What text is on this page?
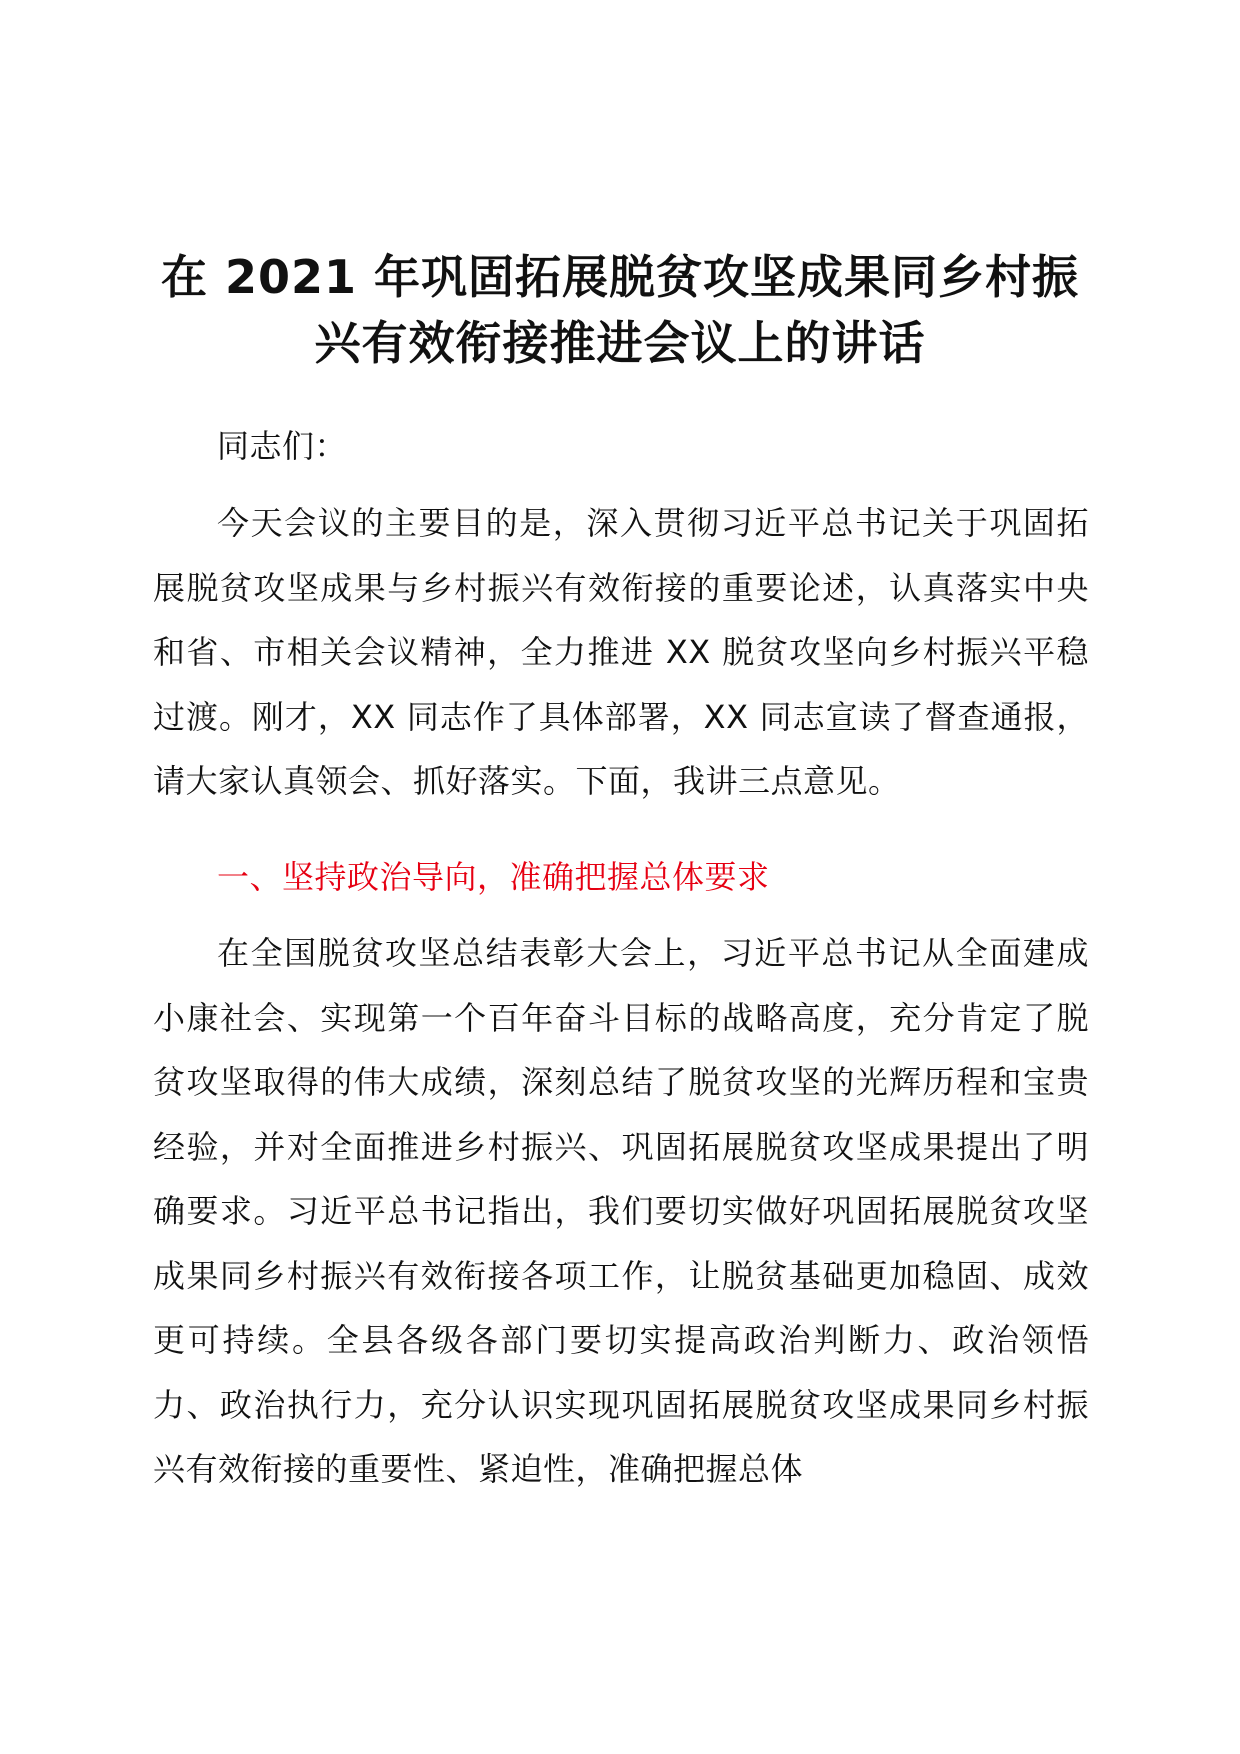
在 2021 年巩固拓展脱贫攻坚成果同乡村振兴有效衔接推进会议上的讲话

同志们：

今天会议的主要目的是，深入贯彻习近平总书记关于巩固拓展脱贫攻坚成果与乡村振兴有效衔接的重要论述，认真落实中央和省、市相关会议精神，全力推进 XX 脱贫攻坚向乡村振兴平稳过渡。刚才，XX 同志作了具体部署，XX 同志宣读了督查通报，请大家认真领会、抓好落实。下面，我讲三点意见。

一、坚持政治导向，准确把握总体要求

在全国脱贫攻坚总结表彰大会上，习近平总书记从全面建成小康社会、实现第一个百年奋斗目标的战略高度，充分肯定了脱贫攻坚取得的伟大成绩，深刻总结了脱贫攻坚的光辉历程和宝贵经验，并对全面推进乡村振兴、巩固拓展脱贫攻坚成果提出了明确要求。习近平总书记指出，我们要切实做好巩固拓展脱贫攻坚成果同乡村振兴有效衔接各项工作，让脱贫基础更加稳固、成效更可持续。全县各级各部门要切实提高政治判断力、政治领悟力、政治执行力，充分认识实现巩固拓展脱贫攻坚成果同乡村振兴有效衔接的重要性、紧迫性，准确把握总体
